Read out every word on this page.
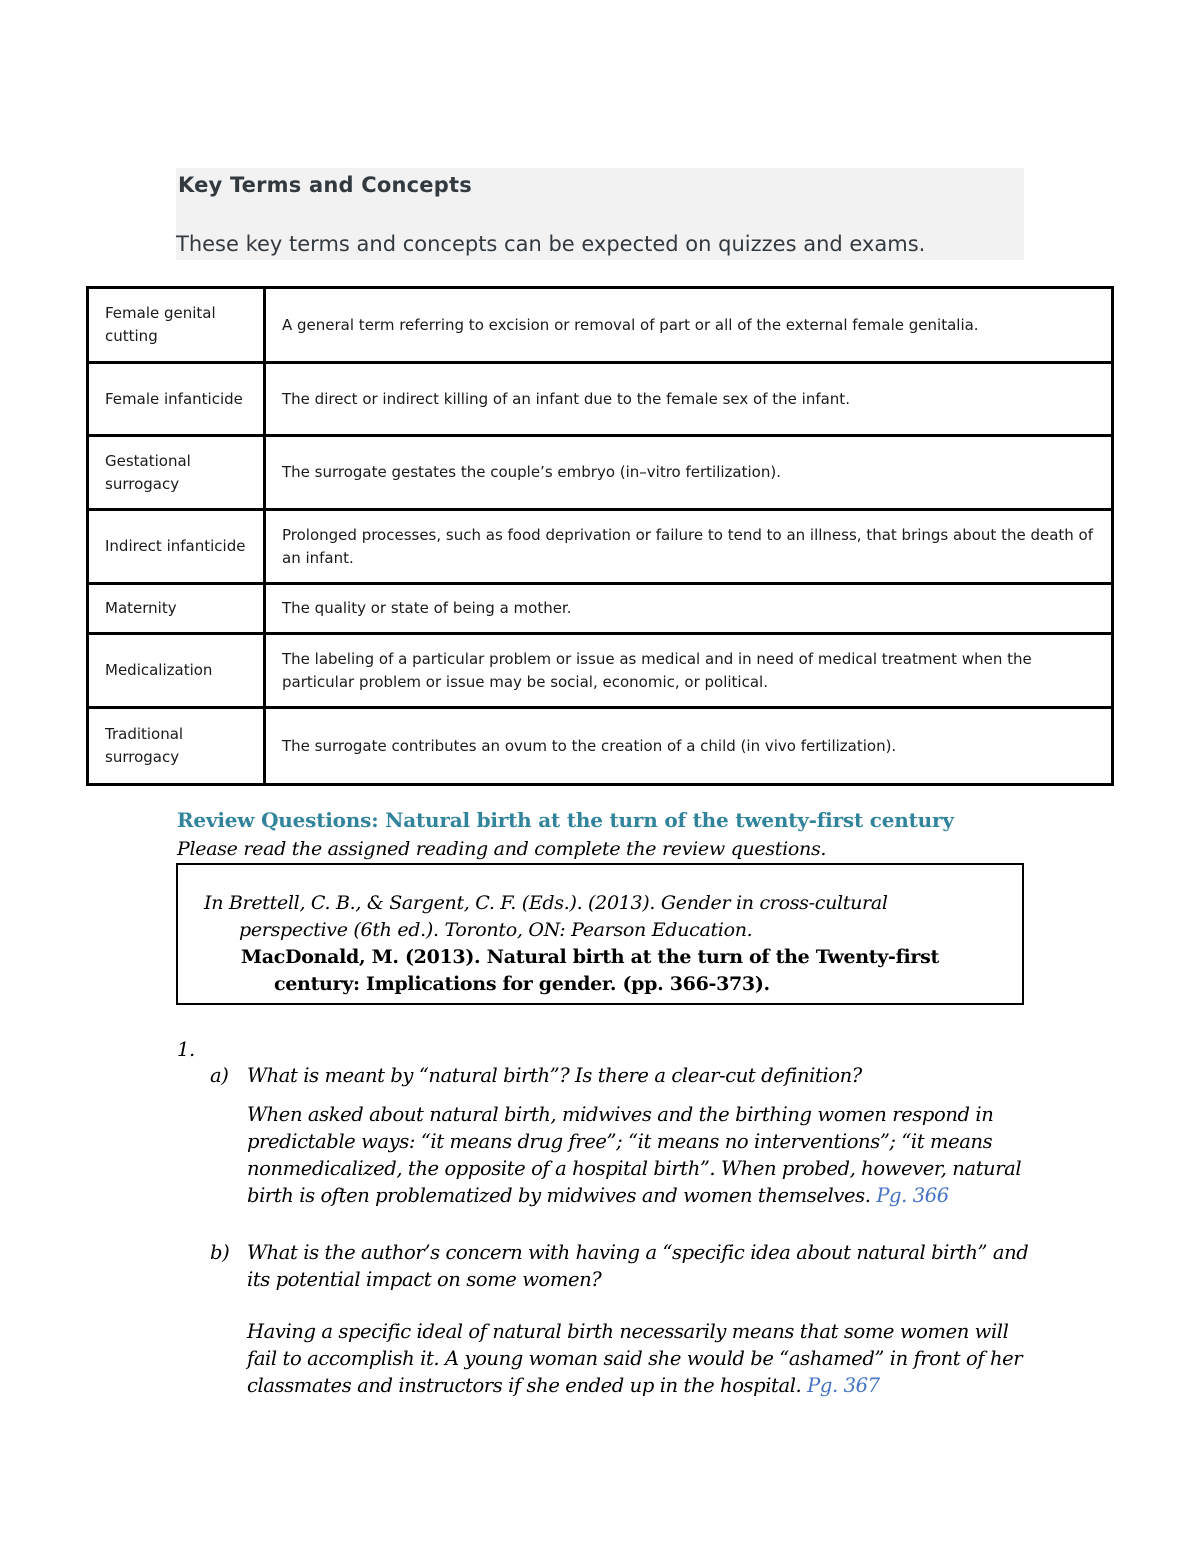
Key Terms and Concepts

These key terms and concepts can be expected on quizzes and exams.

Female genital cutting	A general term referring to excision or removal of part or all of the external female genitalia.
Female infanticide	The direct or indirect killing of an infant due to the female sex of the infant.
Gestational surrogacy	The surrogate gestates the couple’s embryo (in–vitro fertilization).
Indirect infanticide	Prolonged processes, such as food deprivation or failure to tend to an illness, that brings about the death of an infant.
Maternity	The quality or state of being a mother.
Medicalization	The labeling of a particular problem or issue as medical and in need of medical treatment when the particular problem or issue may be social, economic, or political.
Traditional surrogacy	The surrogate contributes an ovum to the creation of a child (in vivo fertilization).
Review Questions: Natural birth at the turn of the twenty-first century

Please read the assigned reading and complete the review questions.

In Brettell, C. B., & Sargent, C. F. (Eds.). (2013). Gender in cross-cultural
perspective (6th ed.). Toronto, ON: Pearson Education.
MacDonald, M. (2013). Natural birth at the turn of the Twenty-first
century: Implications for gender. (pp. 366-373).

1.

a) What is meant by “natural birth”? Is there a clear-cut definition?

When asked about natural birth, midwives and the birthing women respond in predictable ways: “it means drug free”; “it means no interventions”; “it means nonmedicalized, the opposite of a hospital birth”. When probed, however, natural birth is often problematized by midwives and women themselves. Pg. 366

b) What is the author’s concern with having a “specific idea about natural birth” and its potential impact on some women?

Having a specific ideal of natural birth necessarily means that some women will fail to accomplish it. A young woman said she would be “ashamed” in front of her classmates and instructors if she ended up in the hospital. Pg. 367
